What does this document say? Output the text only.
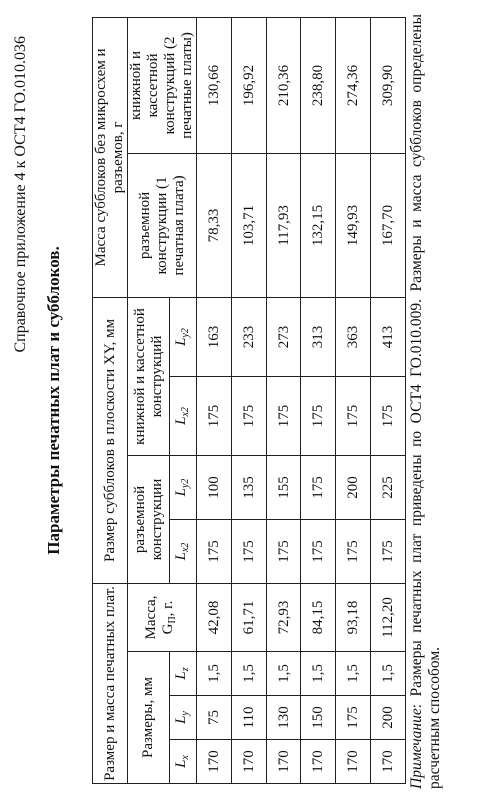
Справочное приложение 4 к ОСТ4 ГО.010.036
Параметры печатных плат и субблоков.
Размер и масса печатных плат.				Размер субблоков в плоскости XY, мм				Масса субблоков без микросхем и разъемов, г	
Размеры, мм			Масса,
$G_П$, г.	разъемной конструкции		книжной и кассетной конструкций		разъемной конструкции (1 печатная плата)	книжной и кассетной конструкций (2 печатные платы)
$L_x$	$L_y$	$L_z$		$L_{x2}$	$L_{y2}$	$L_{x2}$	$L_{y2}$
170	75	1,5	42,08	175	100	175	163	78,33	130,66
170	110	1,5	61,71	175	135	175	233	103,71	196,92
170	130	1,5	72,93	175	155	175	273	117,93	210,36
170	150	1,5	84,15	175	175	175	313	132,15	238,80
170	175	1,5	93,18	175	200	175	363	149,93	274,36
170	200	1,5	112,20	175	225	175	413	167,70	309,90
Примечание: Размеры печатных плат приведены по ОСТ4 ГО.010.009. Размеры и масса субблоков определены расчетным способом.
